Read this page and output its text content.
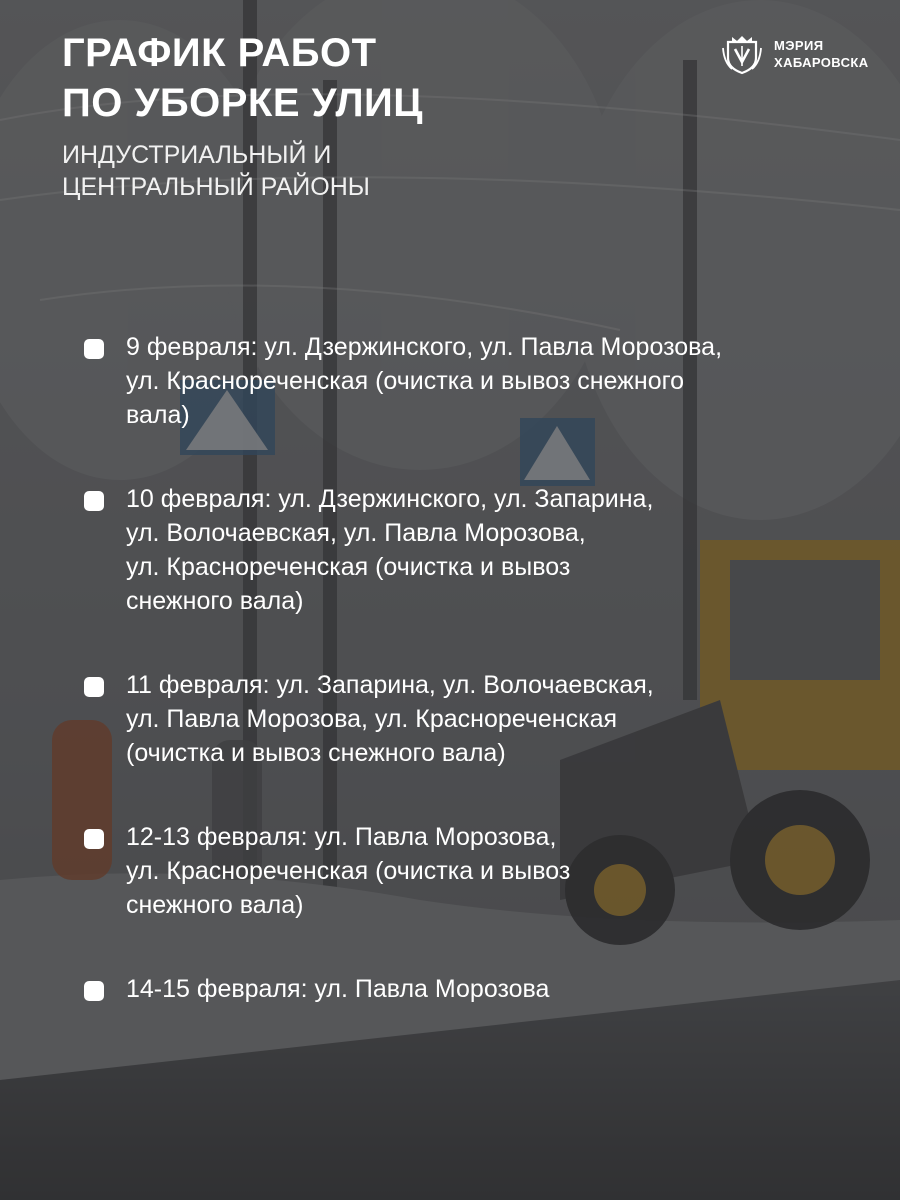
ГРАФИК РАБОТ
ПО УБОРКЕ УЛИЦ

ИНДУСТРИАЛЬНЫЙ И
ЦЕНТРАЛЬНЫЙ РАЙОНЫ

МЭРИЯ
ХАБАРОВСКА
9 февраля: ул. Дзержинского, ул. Павла Морозова,
ул. Краснореченская (очистка и вывоз снежного
вала)
10 февраля: ул. Дзержинского, ул. Запарина,
ул. Волочаевская, ул. Павла Морозова,
ул. Краснореченская (очистка и вывоз
снежного вала)
11 февраля: ул. Запарина, ул. Волочаевская,
ул. Павла Морозова, ул. Краснореченская
(очистка и вывоз снежного вала)
12-13 февраля: ул. Павла Морозова,
ул. Краснореченская (очистка и вывоз
снежного вала)
14-15 февраля: ул. Павла Морозова
